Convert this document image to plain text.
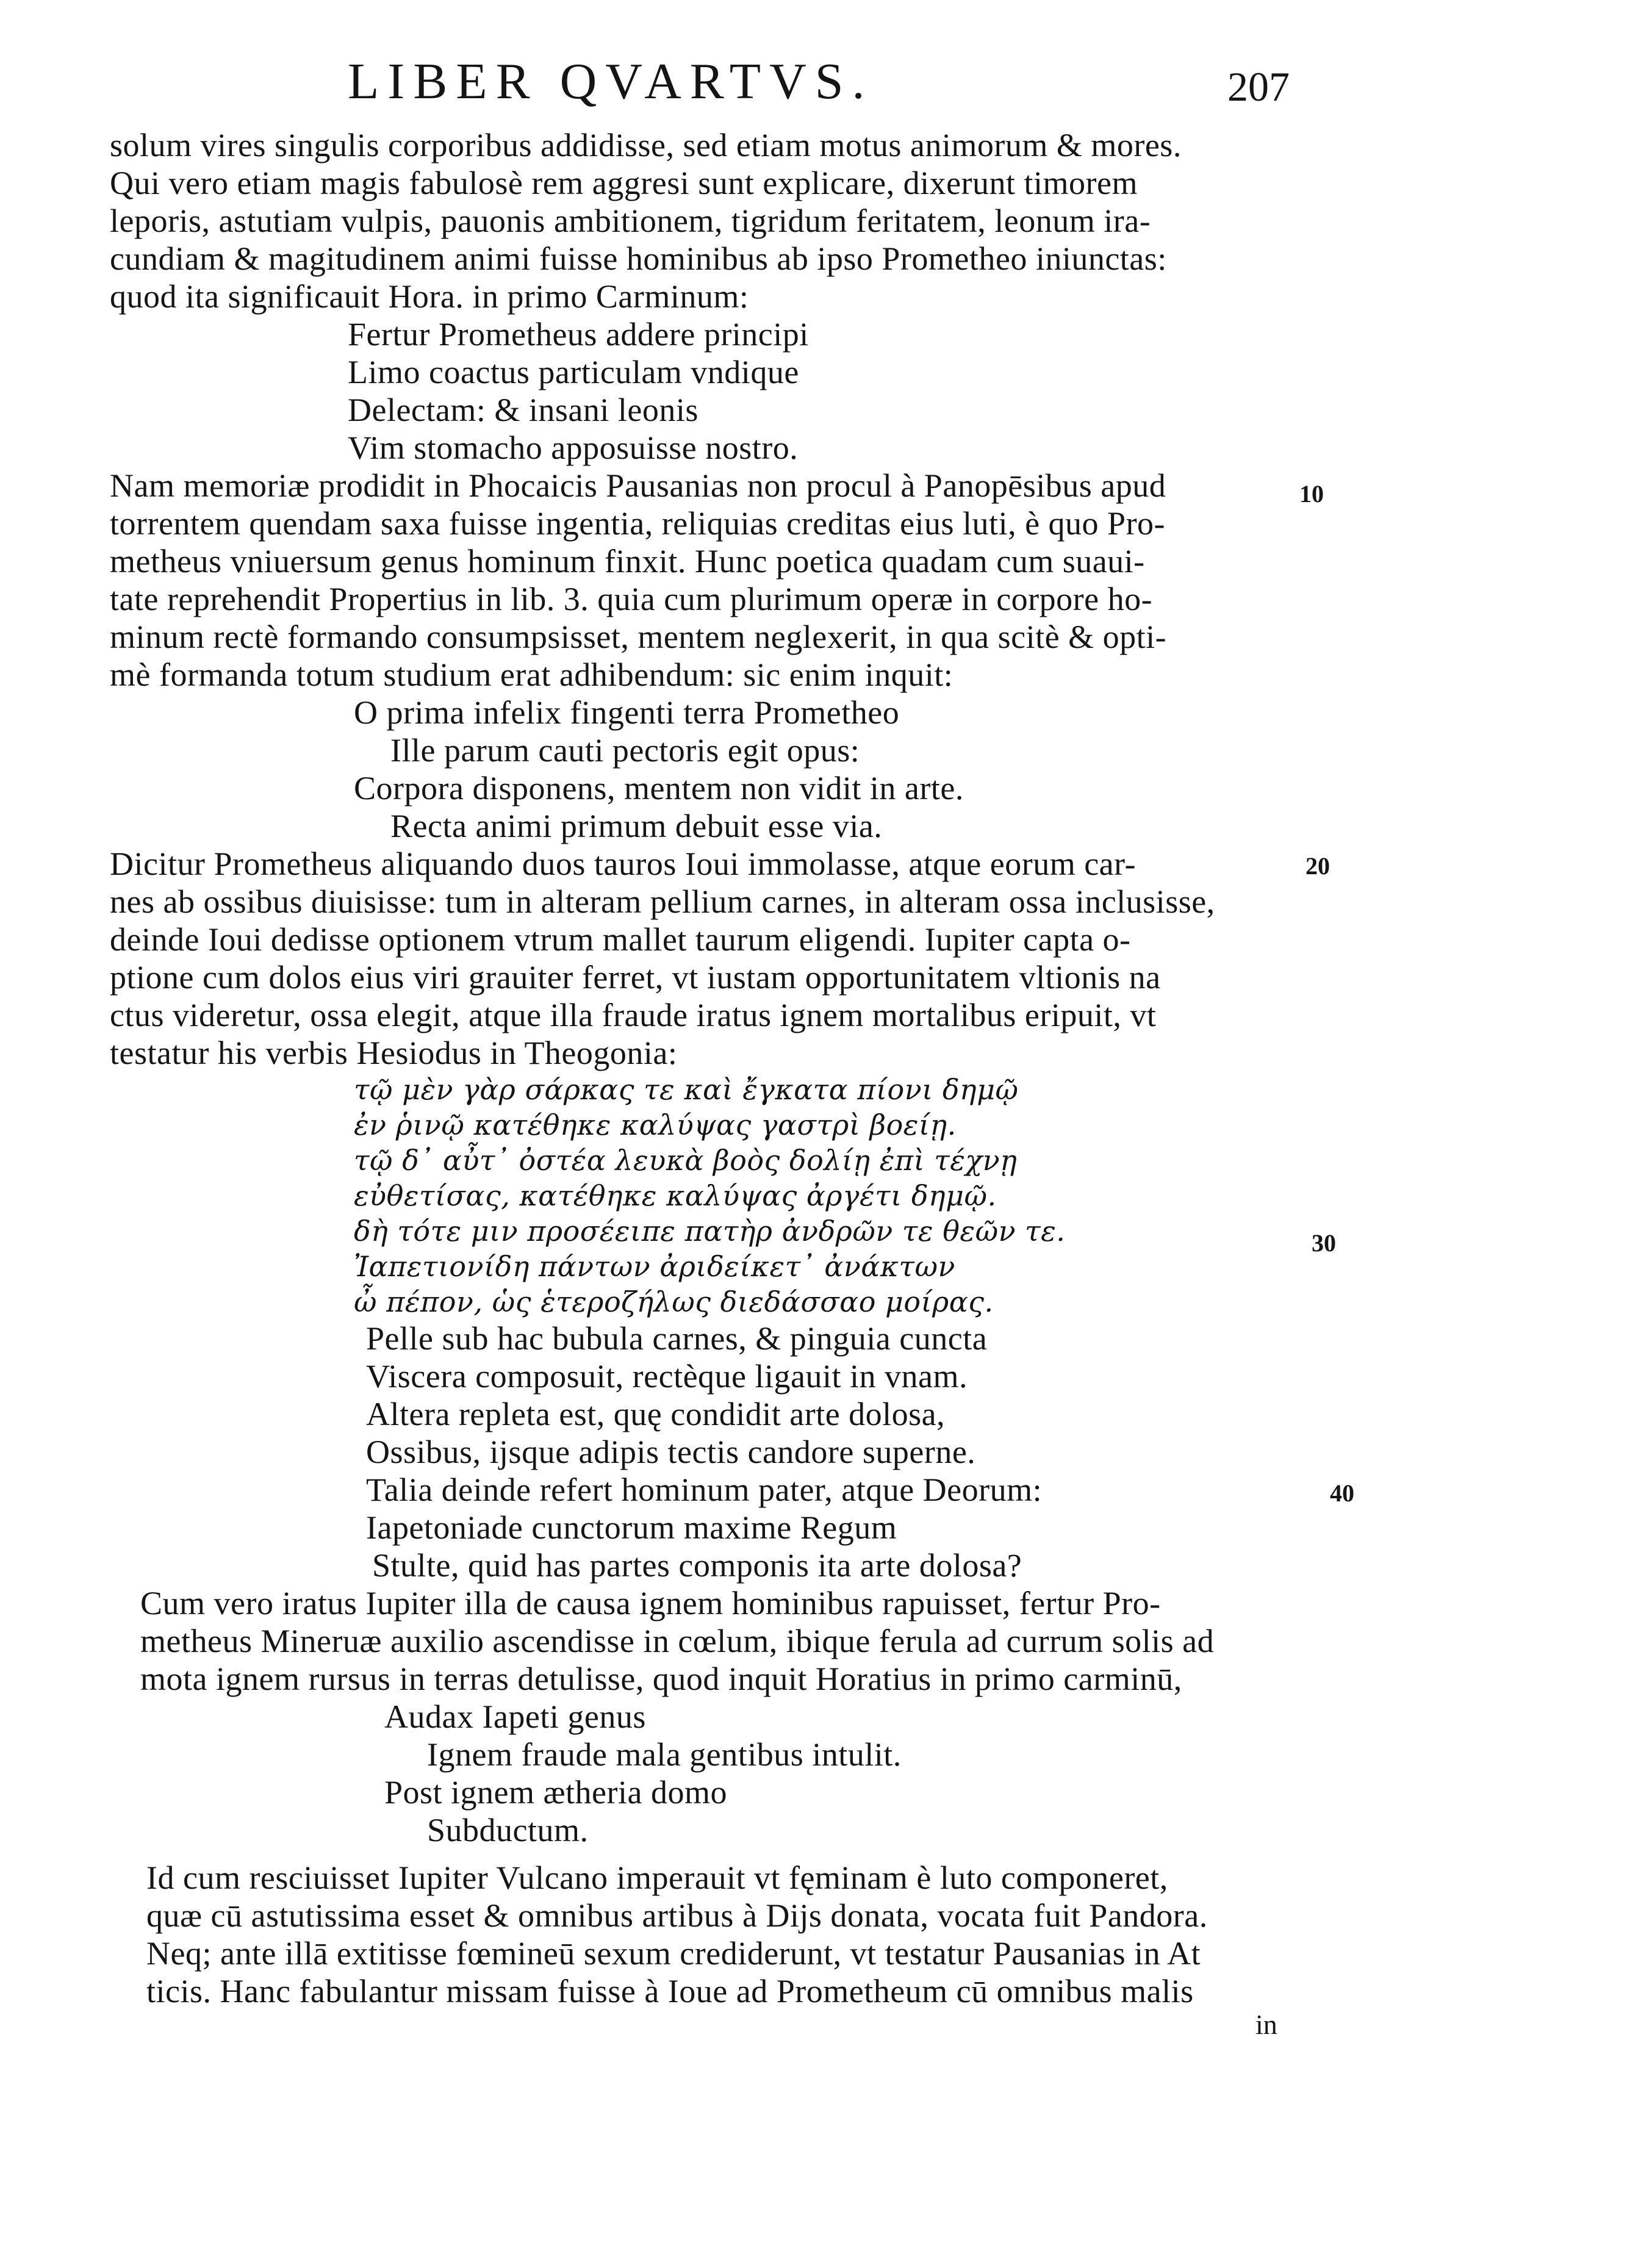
LIBER QVARTVS.	207
solum vires singulis corporibus addidisse, sed etiam motus animorum & mores.
Qui vero etiam magis fabulosè rem aggresi sunt explicare, dixerunt timorem
leporis, astutiam vulpis, pauonis ambitionem, tigridum feritatem, leonum ira-
cundiam & magitudinem animi fuisse hominibus ab ipso Prometheo iniunctas:
quod ita significauit Hora. in primo Carminum:
Fertur Prometheus addere principi
Limo coactus particulam vndique
Delectam: & insani leonis
Vim stomacho apposuisse nostro.
Nam memoriæ prodidit in Phocaicis Pausanias non procul à Panopēsibus apud
torrentem quendam saxa fuisse ingentia, reliquias creditas eius luti, è quo Pro-
metheus vniuersum genus hominum finxit. Hunc poetica quadam cum suaui-
tate reprehendit Propertius in lib. 3. quia cum plurimum operæ in corpore ho-
minum rectè formando consumpsisset, mentem neglexerit, in qua scitè & opti-
mè formanda totum studium erat adhibendum: sic enim inquit:
O prima infelix fingenti terra Prometheo
Ille parum cauti pectoris egit opus:
Corpora disponens, mentem non vidit in arte.
Recta animi primum debuit esse via.
Dicitur Prometheus aliquando duos tauros Ioui immolasse, atque eorum car-
nes ab ossibus diuisisse: tum in alteram pellium carnes, in alteram ossa inclusisse,
deinde Ioui dedisse optionem vtrum mallet taurum eligendi. Iupiter capta o-
ptione cum dolos eius viri grauiter ferret, vt iustam opportunitatem vltionis na
ctus videretur, ossa elegit, atque illa fraude iratus ignem mortalibus eripuit, vt
testatur his verbis Hesiodus in Theogonia:
τῷ μὲν γὰρ σάρκας τε καὶ ἔγκατα πίονι δημῷ
ἐν ῥινῷ κατέθηκε καλύψας γαστρὶ βοείῃ.
τῷ δ᾽ αὖτ᾽ ὀστέα λευκὰ βοὸς δολίῃ ἐπὶ τέχνῃ
εὐθετίσας, κατέθηκε καλύψας ἀργέτι δημῷ.
δὴ τότε μιν προσέειπε πατὴρ ἀνδρῶν τε θεῶν τε.
Ἰαπετιονίδη πάντων ἀριδείκετ᾽ ἀνάκτων
ὦ πέπον, ὡς ἑτεροζήλως διεδάσσαο μοίρας.
Pelle sub hac bubula carnes, & pinguia cuncta
Viscera composuit, rectèque ligauit in vnam.
Altera repleta est, quę condidit arte dolosa,
Ossibus, ijsque adipis tectis candore superne.
Talia deinde refert hominum pater, atque Deorum:
Iapetoniade cunctorum maxime Regum
Stulte, quid has partes componis ita arte dolosa?
Cum vero iratus Iupiter illa de causa ignem hominibus rapuisset, fertur Pro-
metheus Mineruæ auxilio ascendisse in cœlum, ibique ferula ad currum solis ad
mota ignem rursus in terras detulisse, quod inquit Horatius in primo carminū,
Audax Iapeti genus
Ignem fraude mala gentibus intulit.
Post ignem ætheria domo
Subductum.
Id cum resciuisset Iupiter Vulcano imperauit vt fęminam è luto componeret,
quæ cū astutissima esset & omnibus artibus à Dijs donata, vocata fuit Pandora.
Neq; ante illā extitisse fœmineū sexum crediderunt, vt testatur Pausanias in At
ticis. Hanc fabulantur missam fuisse à Ioue ad Prometheum cū omnibus malis
in
10
20
30
40
